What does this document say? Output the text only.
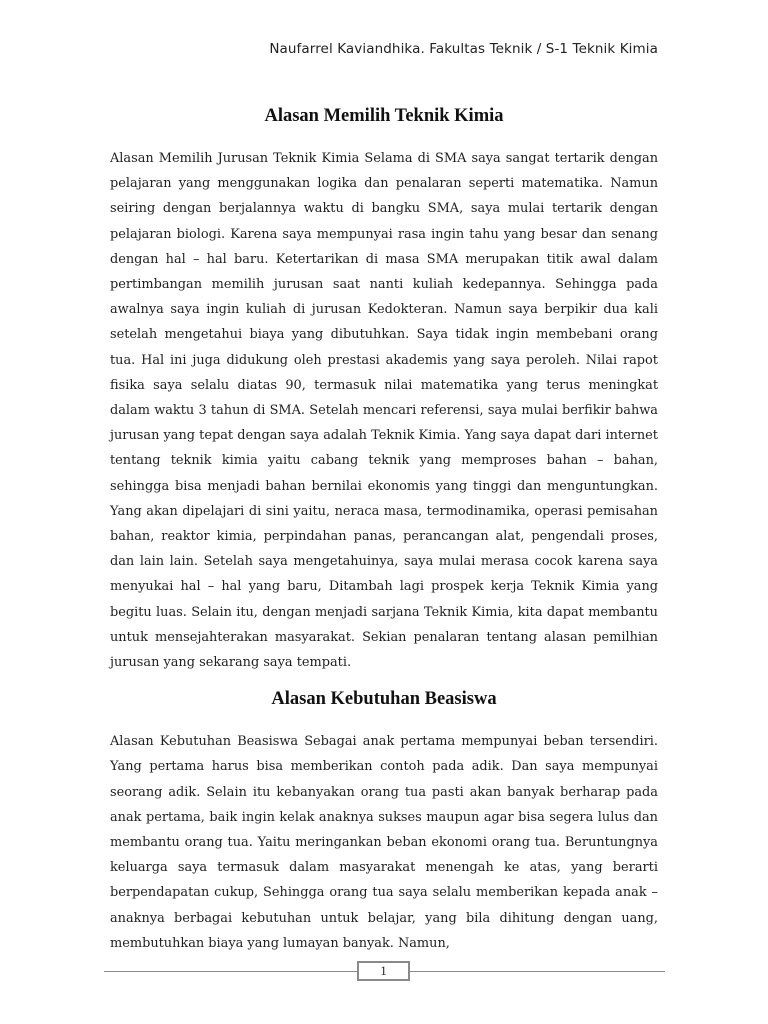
Naufarrel Kaviandhika. Fakultas Teknik / S-1 Teknik Kimia
Alasan Memilih Teknik Kimia

Alasan Memilih Jurusan Teknik Kimia Selama di SMA saya sangat tertarik dengan pelajaran yang menggunakan logika dan penalaran seperti matematika. Namun seiring dengan berjalannya waktu di bangku SMA, saya mulai tertarik dengan pelajaran biologi. Karena saya mempunyai rasa ingin tahu yang besar dan senang dengan hal – hal baru. Ketertarikan di masa SMA merupakan titik awal dalam pertimbangan memilih jurusan saat nanti kuliah kedepannya. Sehingga pada awalnya saya ingin kuliah di jurusan Kedokteran. Namun saya berpikir dua kali setelah mengetahui biaya yang dibutuhkan. Saya tidak ingin membebani orang tua. Hal ini juga didukung oleh prestasi akademis yang saya peroleh. Nilai rapot fisika saya selalu diatas 90, termasuk nilai matematika yang terus meningkat dalam waktu 3 tahun di SMA. Setelah mencari referensi, saya mulai berfikir bahwa jurusan yang tepat dengan saya adalah Teknik Kimia. Yang saya dapat dari internet tentang teknik kimia yaitu cabang teknik yang memproses bahan – bahan, sehingga bisa menjadi bahan bernilai ekonomis yang tinggi dan menguntungkan. Yang akan dipelajari di sini yaitu, neraca masa, termodinamika, operasi pemisahan bahan, reaktor kimia, perpindahan panas, perancangan alat, pengendali proses, dan lain lain. Setelah saya mengetahuinya, saya mulai merasa cocok karena saya menyukai hal – hal yang baru, Ditambah lagi prospek kerja Teknik Kimia yang begitu luas. Selain itu, dengan menjadi sarjana Teknik Kimia, kita dapat membantu untuk mensejahterakan masyarakat. Sekian penalaran tentang alasan pemilhian jurusan yang sekarang saya tempati.

Alasan Kebutuhan Beasiswa

Alasan Kebutuhan Beasiswa Sebagai anak pertama mempunyai beban tersendiri. Yang pertama harus bisa memberikan contoh pada adik. Dan saya mempunyai seorang adik. Selain itu kebanyakan orang tua pasti akan banyak berharap pada anak pertama, baik ingin kelak anaknya sukses maupun agar bisa segera lulus dan membantu orang tua. Yaitu meringankan beban ekonomi orang tua. Beruntungnya keluarga saya termasuk dalam masyarakat menengah ke atas, yang berarti berpendapatan cukup, Sehingga orang tua saya selalu memberikan kepada anak – anaknya berbagai kebutuhan untuk belajar, yang bila dihitung dengan uang, membutuhkan biaya yang lumayan banyak. Namun,

1
